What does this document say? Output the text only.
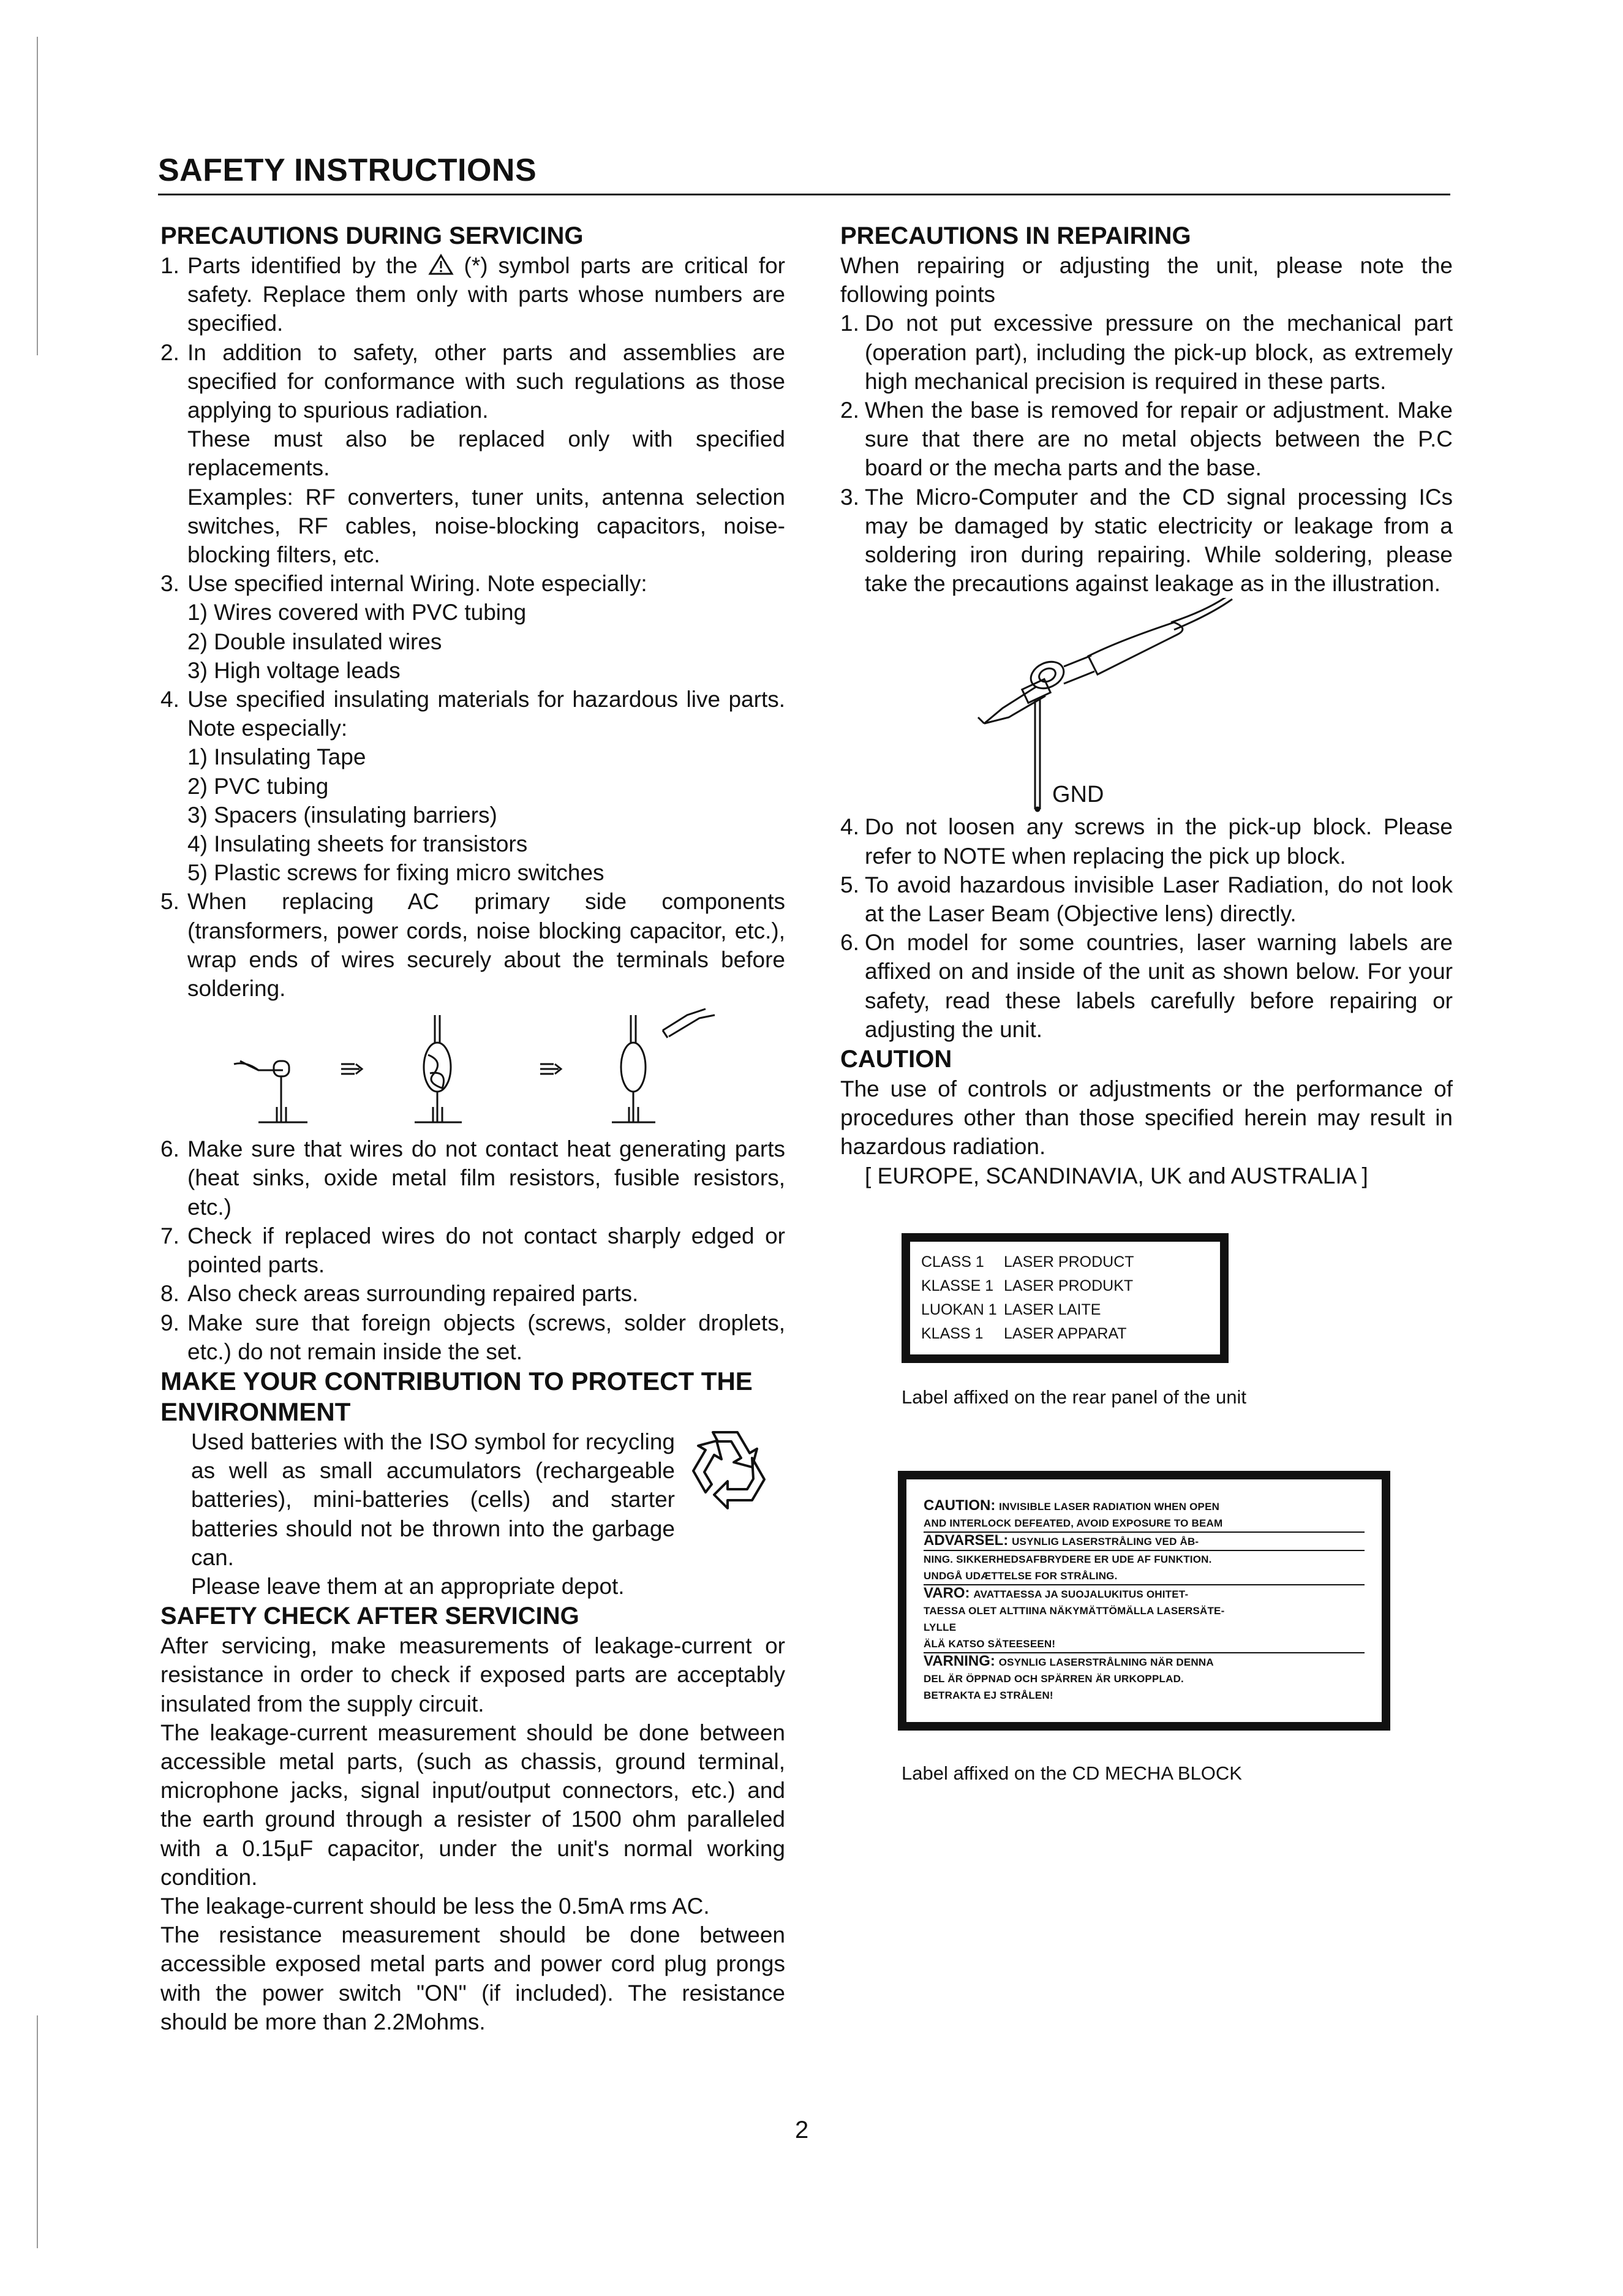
SAFETY INSTRUCTIONS
PRECAUTIONS DURING SERVICING
1. Parts identified by the (*) symbol parts are critical for safety. Replace them only with parts whose numbers are specified.
2. In addition to safety, other parts and assemblies are specified for conformance with such regulations as those applying to spurious radiation.
These must also be replaced only with specified replacements.
Examples: RF converters, tuner units, antenna selection switches, RF cables, noise-blocking capacitors, noise-blocking filters, etc.
3. Use specified internal Wiring. Note especially:
1) Wires covered with PVC tubing
2) Double insulated wires
3) High voltage leads
4. Use specified insulating materials for hazardous live parts. Note especially:
1) Insulating Tape
2) PVC tubing
3) Spacers (insulating barriers)
4) Insulating sheets for transistors
5) Plastic screws for fixing micro switches
5. When replacing AC primary side components (transformers, power cords, noise blocking capacitor, etc.), wrap ends of wires securely about the terminals before soldering.
6. Make sure that wires do not contact heat generating parts (heat sinks, oxide metal film resistors, fusible resistors, etc.)
7. Check if replaced wires do not contact sharply edged or pointed parts.
8. Also check areas surrounding repaired parts.
9. Make sure that foreign objects (screws, solder droplets, etc.) do not remain inside the set.
MAKE YOUR CONTRIBUTION TO PROTECT THE ENVIRONMENT
Used batteries with the ISO symbol for recycling as well as small accumulators (rechargeable batteries), mini-batteries (cells) and starter batteries should not be thrown into the garbage can.
Please leave them at an appropriate depot.
SAFETY CHECK AFTER SERVICING
After servicing, make measurements of leakage-current or resistance in order to check if exposed parts are acceptably insulated from the supply circuit.
The leakage-current measurement should be done between accessible metal parts, (such as chassis, ground terminal, microphone jacks, signal input/output connectors, etc.) and the earth ground through a resister of 1500 ohm paralleled with a 0.15µF capacitor, under the unit's normal working condition.
The leakage-current should be less the 0.5mA rms AC.
The resistance measurement should be done between accessible exposed metal parts and power cord plug prongs with the power switch "ON" (if included). The resistance should be more than 2.2Mohms.
PRECAUTIONS IN REPAIRING
When repairing or adjusting the unit, please note the following points
1. Do not put excessive pressure on the mechanical part (operation part), including the pick-up block, as extremely high mechanical precision is required in these parts.
2. When the base is removed for repair or adjustment. Make sure that there are no metal objects between the P.C board or the mecha parts and the base.
3. The Micro-Computer and the CD signal processing ICs may be damaged by static electricity or leakage from a soldering iron during repairing. While soldering, please take the precautions against leakage as in the illustration.
GND
4. Do not loosen any screws in the pick-up block. Please refer to NOTE when replacing the pick up block.
5. To avoid hazardous invisible Laser Radiation, do not look at the Laser Beam (Objective lens) directly.
6. On model for some countries, laser warning labels are affixed on and inside of the unit as shown below. For your safety, read these labels carefully before repairing or adjusting the unit.
CAUTION
The use of controls or adjustments or the performance of procedures other than those specified herein may result in hazardous radiation.
[ EUROPE, SCANDINAVIA, UK and AUSTRALIA ]
CLASS 1 LASER PRODUCT
KLASSE 1 LASER PRODUKT
LUOKAN 1 LASER LAITE
KLASS 1 LASER APPARAT
Label affixed on the rear panel of the unit
CAUTION: INVISIBLE LASER RADIATION WHEN OPEN
AND INTERLOCK DEFEATED, AVOID EXPOSURE TO BEAM
ADVARSEL: USYNLIG LASERSTRÅLING VED ÅB-
NING. SIKKERHEDSAFBRYDERE ER UDE AF FUNKTION.
UNDGÅ UDÆTTELSE FOR STRÅLING.
VARO: AVATTAESSA JA SUOJALUKITUS OHITET-
TAESSA OLET ALTTIINA NÄKYMÄTTÖMÄLLA LASERSÄTE-
LYLLE
ÄLÄ KATSO SÄTEESEEN!
VARNING: OSYNLIG LASERSTRÅLNING NÄR DENNA
DEL ÄR ÖPPNAD OCH SPÄRREN ÄR URKOPPLAD.
BETRAKTA EJ STRÅLEN!
Label affixed on the CD MECHA BLOCK
2
